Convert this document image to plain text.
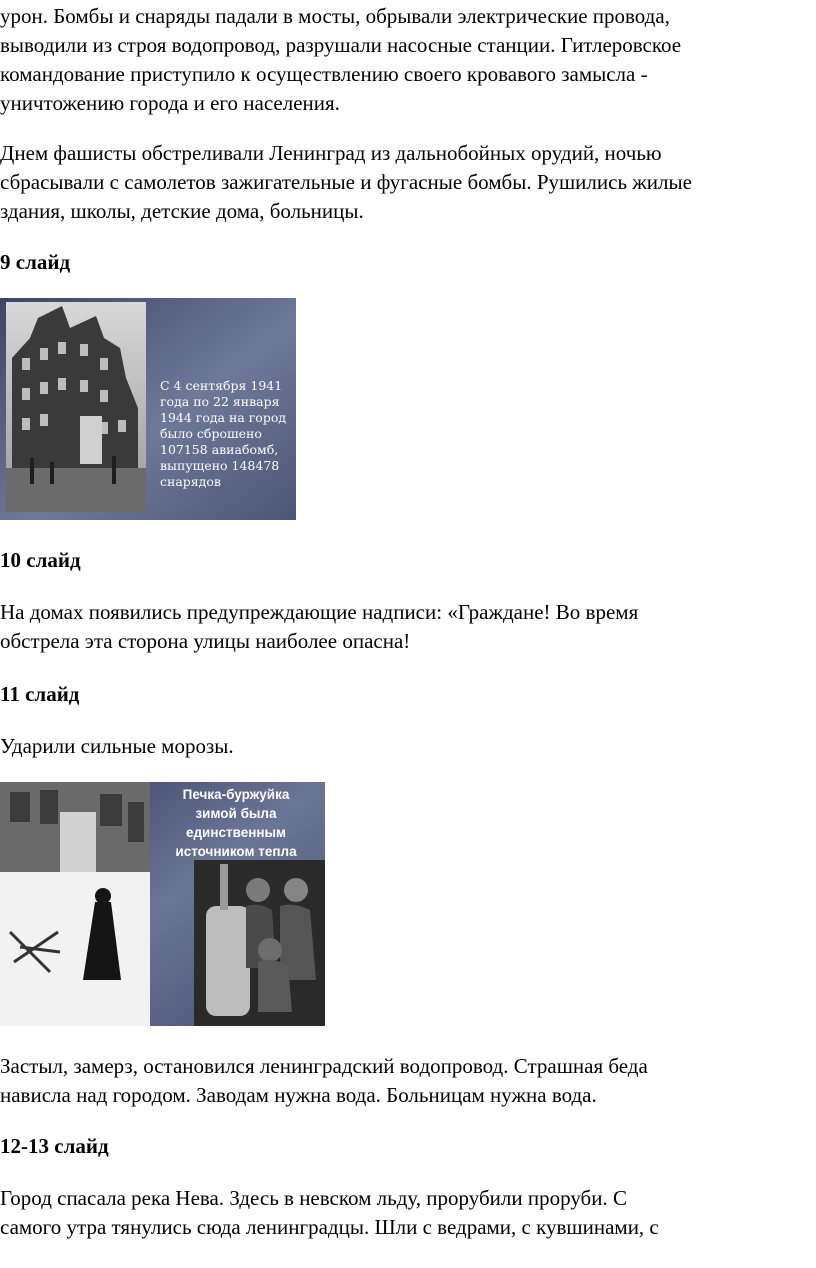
урон. Бомбы и снаряды падали в мосты, обрывали электрические провода,
выводили из строя водопровод, разрушали насосные станции. Гитлеровское
командование приступило к осуществлению своего кровавого замысла -
уничтожению города и его населения.

Днем фашисты обстреливали Ленинград из дальнобойных орудий, ночью
сбрасывали с самолетов зажигательные и фугасные бомбы. Рушились жилые
здания, школы, детские дома, больницы.

9 слайд
С 4 сентября 1941
года по 22 января
1944 года на город
было сброшено
107158 авиабомб,
выпущено 148478
снарядов
10 слайд

На домах появились предупреждающие надписи: «Граждане! Во время
обстрела эта сторона улицы наиболее опасна!

11 слайд

Ударили сильные морозы.

Печка-буржуйка
зимой была
единственным
источником тепла

Застыл, замерз, остановился ленинградский водопровод. Страшная беда
нависла над городом. Заводам нужна вода. Больницам нужна вода.

12-13 слайд

Город спасала река Нева. Здесь в невском льду, прорубили проруби. С
самого утра тянулись сюда ленинградцы. Шли с ведрами, с кувшинами, с
